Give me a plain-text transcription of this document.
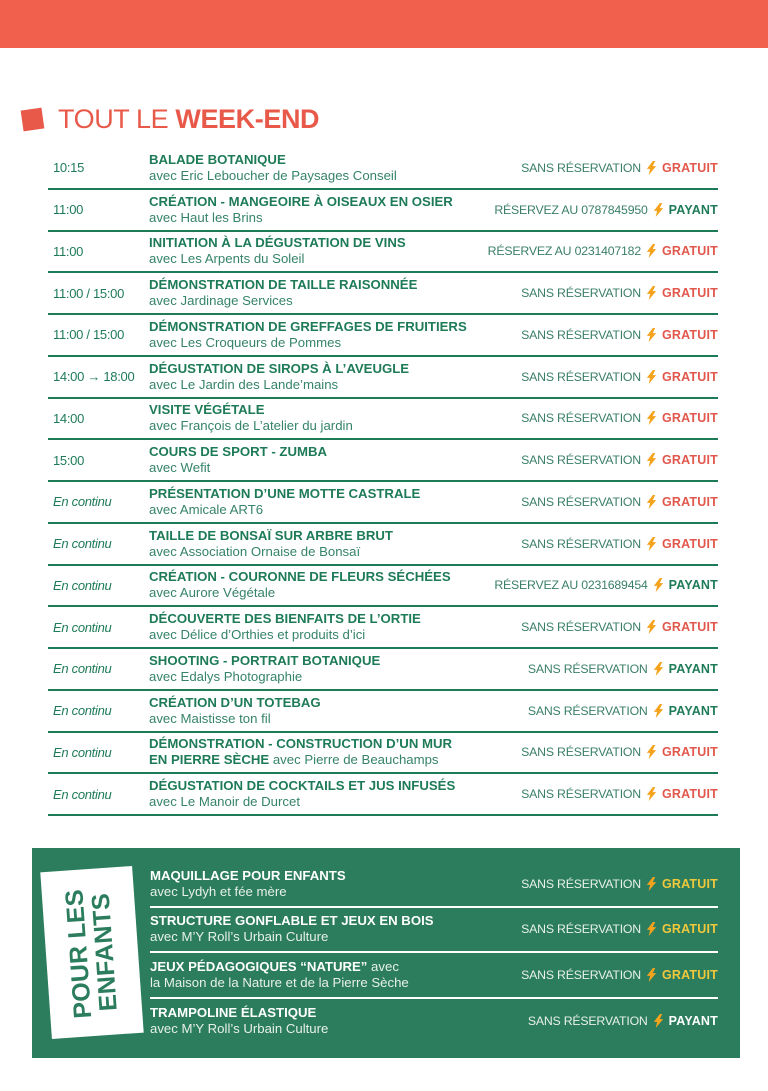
TOUT LE WEEK-END
10:15
BALADE BOTANIQUE
avec Eric Leboucher de Paysages Conseil	SANS RÉSERVATION GRATUIT
11:00
CRÉATION - MANGEOIRE À OISEAUX EN OSIER
avec Haut les Brins	RÉSERVEZ AU 0787845950 PAYANT
11:00
INITIATION À LA DÉGUSTATION DE VINS
avec Les Arpents du Soleil	RÉSERVEZ AU 0231407182 GRATUIT
11:00 / 15:00
DÉMONSTRATION DE TAILLE RAISONNÉE
avec Jardinage Services	SANS RÉSERVATION GRATUIT
11:00 / 15:00
DÉMONSTRATION DE GREFFAGES DE FRUITIERS
avec Les Croqueurs de Pommes	SANS RÉSERVATION GRATUIT
14:00 → 18:00
DÉGUSTATION DE SIROPS À L’AVEUGLE
avec Le Jardin des Lande’mains	SANS RÉSERVATION GRATUIT
14:00
VISITE VÉGÉTALE
avec François de L’atelier du jardin	SANS RÉSERVATION GRATUIT
15:00
COURS DE SPORT - ZUMBA
avec Wefit	SANS RÉSERVATION GRATUIT
En continu
PRÉSENTATION D’UNE MOTTE CASTRALE
avec Amicale ART6	SANS RÉSERVATION GRATUIT
En continu
TAILLE DE BONSAÏ SUR ARBRE BRUT
avec Association Ornaise de Bonsaï	SANS RÉSERVATION GRATUIT
En continu
CRÉATION - COURONNE DE FLEURS SÉCHÉES
avec Aurore Végétale	RÉSERVEZ AU 0231689454 PAYANT
En continu
DÉCOUVERTE DES BIENFAITS DE L’ORTIE
avec Délice d’Orthies et produits d’ici	SANS RÉSERVATION GRATUIT
En continu
SHOOTING - PORTRAIT BOTANIQUE
avec Edalys Photographie	SANS RÉSERVATION PAYANT
En continu
CRÉATION D’UN TOTEBAG
avec Maistisse ton fil	SANS RÉSERVATION PAYANT
En continu
DÉMONSTRATION - CONSTRUCTION D’UN MUR
EN PIERRE SÈCHE avec Pierre de Beauchamps	SANS RÉSERVATION GRATUIT
En continu
DÉGUSTATION DE COCKTAILS ET JUS INFUSÉS
avec Le Manoir de Durcet	SANS RÉSERVATION GRATUIT
POUR LES
ENFANTS
MAQUILLAGE POUR ENFANTS
avec Lydyh et fée mère	SANS RÉSERVATION GRATUIT
STRUCTURE GONFLABLE ET JEUX EN BOIS
avec M’Y Roll’s Urbain Culture	SANS RÉSERVATION GRATUIT
JEUX PÉDAGOGIQUES “NATURE” avec
la Maison de la Nature et de la Pierre Sèche	SANS RÉSERVATION GRATUIT
TRAMPOLINE ÉLASTIQUE
avec M’Y Roll’s Urbain Culture	SANS RÉSERVATION PAYANT
